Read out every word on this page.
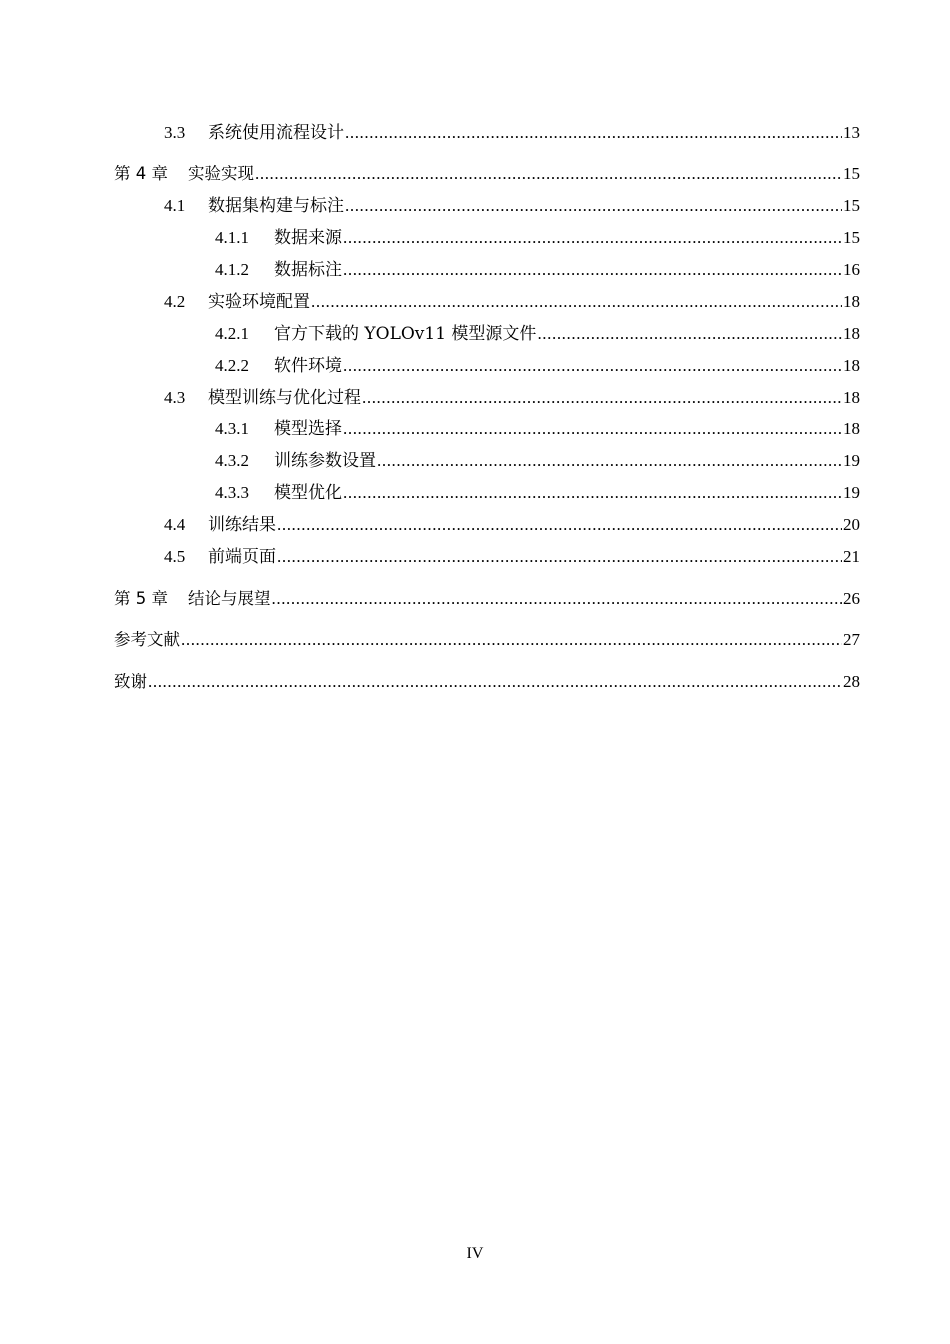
3.3	系统使用流程设计 .....	13
第 4 章	实验实现 .....	15
4.1	数据集构建与标注 .....	15
4.1.1	数据来源 .....	15
4.1.2	数据标注 .....	16
4.2	实验环境配置 .....	18
4.2.1	官方下载的 YOLOv11 模型源文件 .....	18
4.2.2	软件环境 .....	18
4.3	模型训练与优化过程 .....	18
4.3.1	模型选择 .....	18
4.3.2	训练参数设置 .....	19
4.3.3	模型优化 .....	19
4.4	训练结果 .....	20
4.5	前端页面 .....	21
第 5 章	结论与展望 .....	26
参考文献 .....	27
致谢 .....	28
IV
